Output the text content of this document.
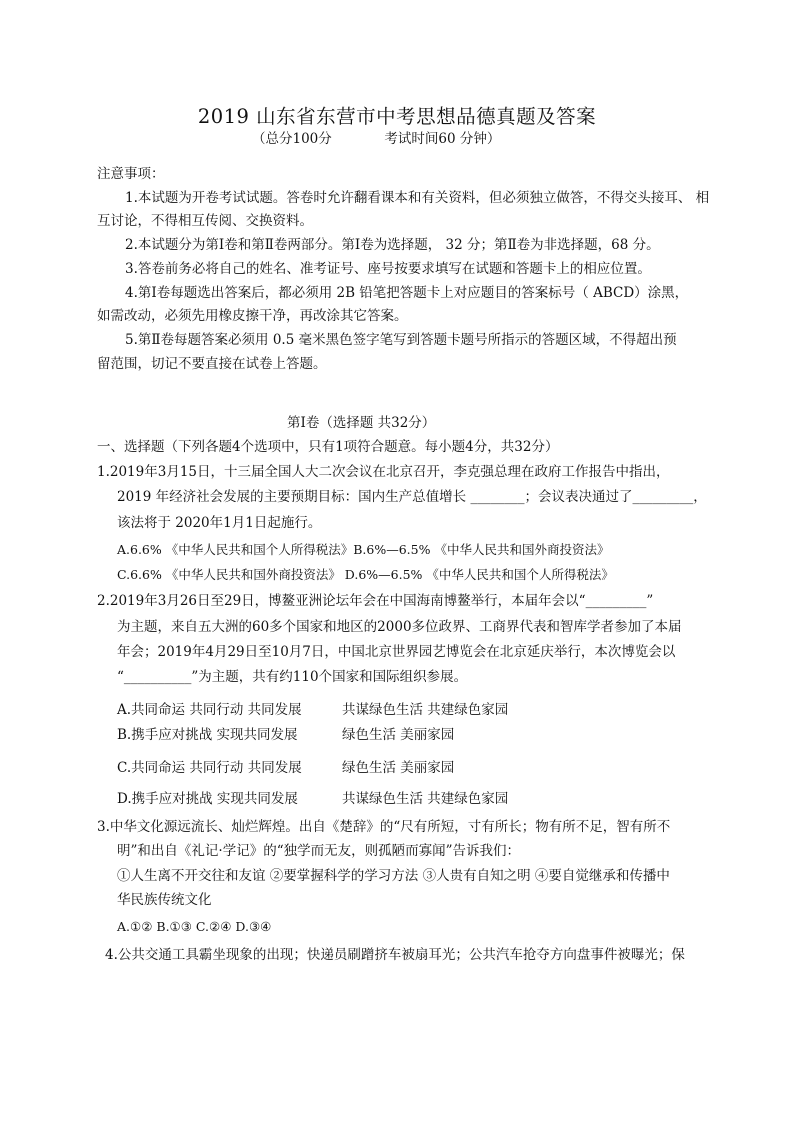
2019 山东省东营市中考思想品德真题及答案
（总分100分	考试时间60 分钟）
注意事项：
1.本试题为开卷考试试题。答卷时允许翻看课本和有关资料，但必须独立做答，不得交头接耳、 相
互讨论，不得相互传阅、交换资料。
2.本试题分为第Ⅰ卷和第Ⅱ卷两部分。第Ⅰ卷为选择题， 32 分；第Ⅱ卷为非选择题，68 分。
3.答卷前务必将自己的姓名、准考证号、座号按要求填写在试题和答题卡上的相应位置。
4.第Ⅰ卷每题选出答案后，都必须用 2B 铅笔把答题卡上对应题目的答案标号（ ABCD）涂黑，
如需改动，必须先用橡皮擦干净，再改涂其它答案。
5.第Ⅱ卷每题答案必须用 0.5 毫米黑色签字笔写到答题卡题号所指示的答题区域，不得超出预
留范围，切记不要直接在试卷上答题。
第Ⅰ卷（选择题 共32分）
一、选择题（下列各题4个选项中，只有1项符合题意。每小题4分，共32分）
1.2019年3月15日，十三届全国人大二次会议在北京召开，李克强总理在政府工作报告中指出，
2019 年经济社会发展的主要预期目标：国内生产总值增长 ________；会议表决通过了_________，
该法将于 2020年1月1日起施行。
A.6.6% 《中华人民共和国个人所得税法》B.6%—6.5% 《中华人民共和国外商投资法》
C.6.6% 《中华人民共和国外商投资法》 D.6%—6.5% 《中华人民共和国个人所得税法》
2.2019年3月26日至29日，博鳌亚洲论坛年会在中国海南博鳌举行，本届年会以“_________”
为主题，来自五大洲的60多个国家和地区的2000多位政界、工商界代表和智库学者参加了本届
年会；2019年4月29日至10月7日，中国北京世界园艺博览会在北京延庆举行，本次博览会以
“__________”为主题，共有约110个国家和国际组织参展。
A.共同命运 共同行动 共同发展	共谋绿色生活 共建绿色家园
B.携手应对挑战 实现共同发展	绿色生活 美丽家园
C.共同命运 共同行动 共同发展	绿色生活 美丽家园
D.携手应对挑战 实现共同发展	共谋绿色生活 共建绿色家园
3.中华文化源远流长、灿烂辉煌。出自《楚辞》的“尺有所短，寸有所长；物有所不足，智有所不
明”和出自《礼记·学记》的“独学而无友，则孤陋而寡闻”告诉我们：
①人生离不开交往和友谊 ②要掌握科学的学习方法 ③人贵有自知之明 ④要自觉继承和传播中
华民族传统文化
A.①② B.①③ C.②④ D.③④
4.公共交通工具霸坐现象的出现；快递员刷蹭挤车被扇耳光；公共汽车抢夺方向盘事件被曝光；保
